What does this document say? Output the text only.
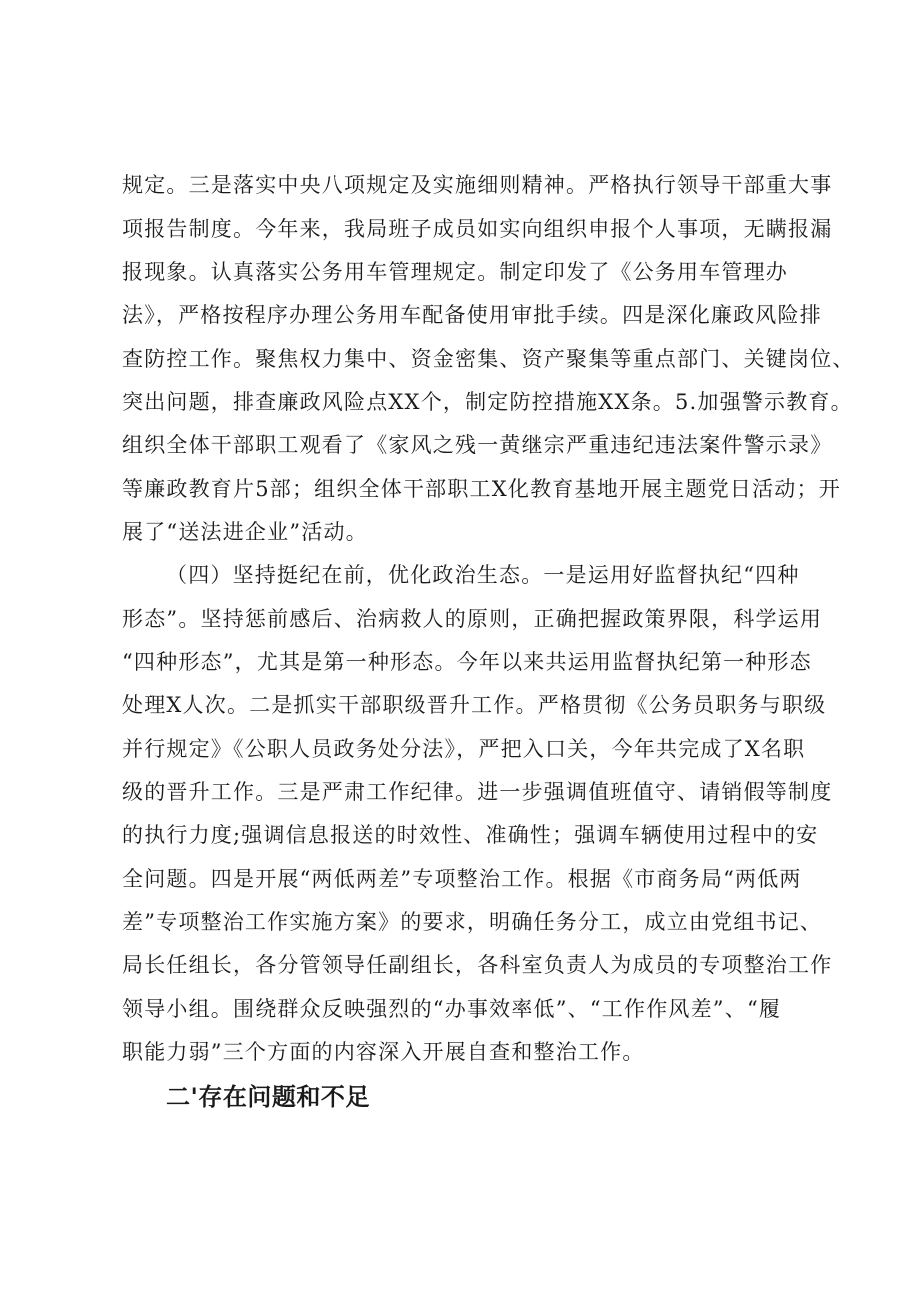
规定。三是落实中央八项规定及实施细则精神。严格执行领导干部重大事
项报告制度。今年来，我局班子成员如实向组织申报个人事项，无瞒报漏
报现象。认真落实公务用车管理规定。制定印发了《公务用车管理办
法》，严格按程序办理公务用车配备使用审批手续。四是深化廉政风险排
查防控工作。聚焦权力集中、资金密集、资产聚集等重点部门、关键岗位、
突出问题，排查廉政风险点XX个，制定防控措施XX条。5.加强警示教育。
组织全体干部职工观看了《家风之残一黄继宗严重违纪违法案件警示录》
等廉政教育片5部；组织全体干部职工X化教育基地开展主题党日活动；开
展了“送法进企业”活动。
（四）坚持挺纪在前，优化政治生态。一是运用好监督执纪“四种
形态”。坚持惩前感后、治病救人的原则，正确把握政策界限，科学运用
“四种形态”，尤其是第一种形态。今年以来共运用监督执纪第一种形态
处理X人次。二是抓实干部职级晋升工作。严格贯彻《公务员职务与职级
并行规定》《公职人员政务处分法》，严把入口关，今年共完成了X名职
级的晋升工作。三是严肃工作纪律。进一步强调值班值守、请销假等制度
的执行力度;强调信息报送的时效性、准确性；强调车辆使用过程中的安
全问题。四是开展“两低两差”专项整治工作。根据《市商务局“两低两
差”专项整治工作实施方案》的要求，明确任务分工，成立由党组书记、
局长任组长，各分管领导任副组长，各科室负责人为成员的专项整治工作
领导小组。围绕群众反映强烈的“办事效率低”、“工作作风差”、“履
职能力弱”三个方面的内容深入开展自查和整治工作。
二'存在问题和不足
